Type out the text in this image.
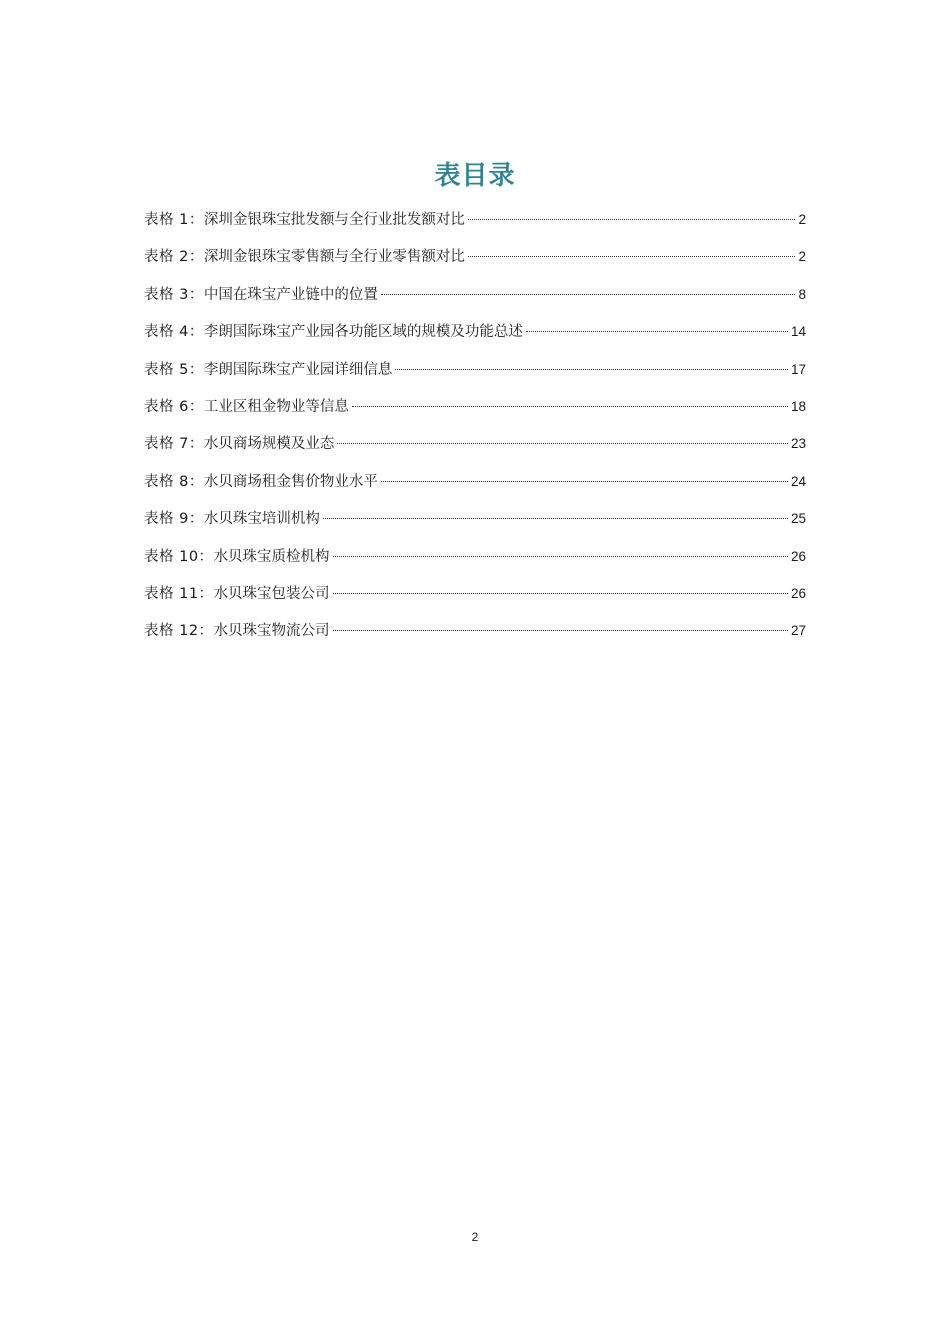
表目录
表格 1：深圳金银珠宝批发额与全行业批发额对比	2
表格 2：深圳金银珠宝零售额与全行业零售额对比	2
表格 3：中国在珠宝产业链中的位置	8
表格 4：李朗国际珠宝产业园各功能区域的规模及功能总述	14
表格 5：李朗国际珠宝产业园详细信息	17
表格 6：工业区租金物业等信息	18
表格 7：水贝商场规模及业态	23
表格 8：水贝商场租金售价物业水平	24
表格 9：水贝珠宝培训机构	25
表格 10：水贝珠宝质检机构	26
表格 11：水贝珠宝包装公司	26
表格 12：水贝珠宝物流公司	27
2
